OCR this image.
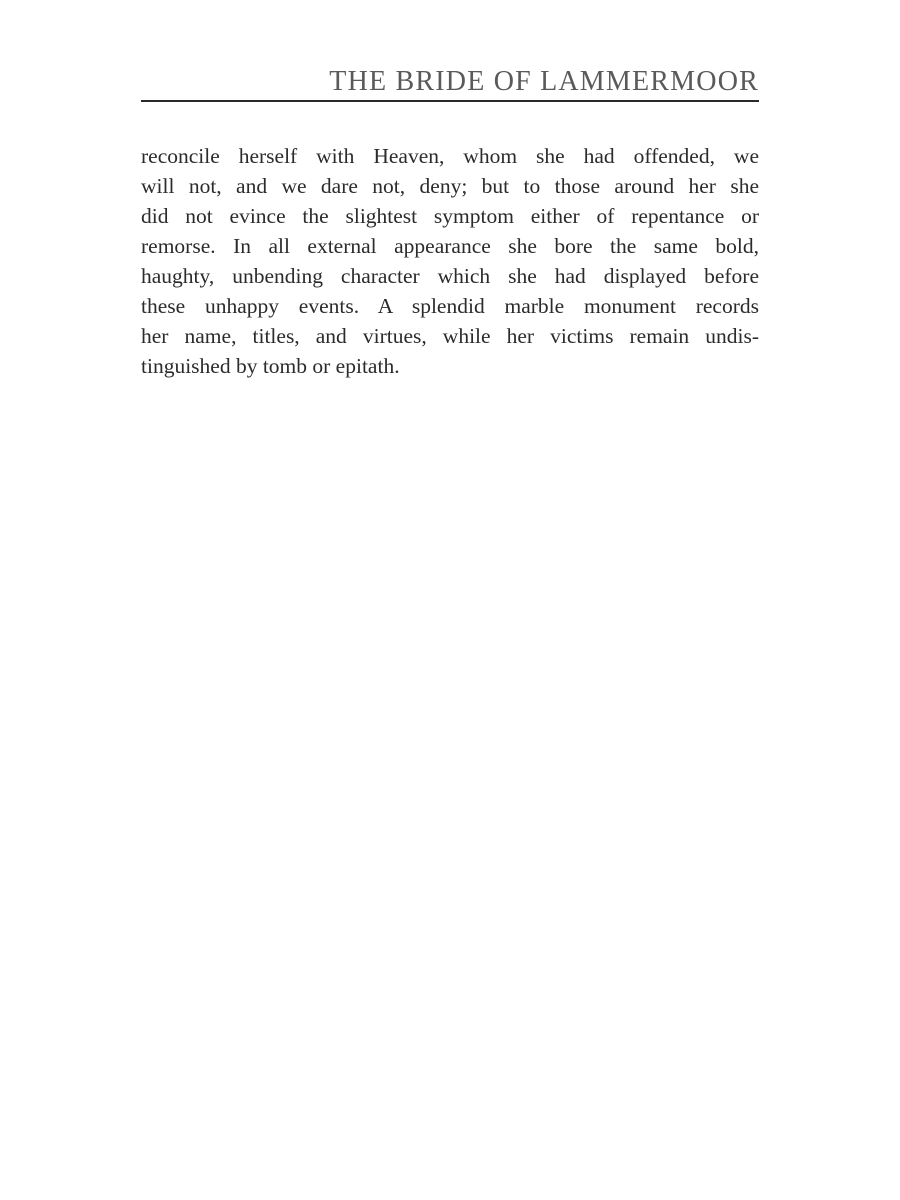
THE BRIDE OF LAMMERMOOR
reconcile herself with Heaven, whom she had offended, we
will not, and we dare not, deny; but to those around her she
did not evince the slightest symptom either of repentance or
remorse. In all external appearance she bore the same bold,
haughty, unbending character which she had displayed before
these unhappy events. A splendid marble monument records
her name, titles, and virtues, while her victims remain undis-
tinguished by tomb or epitath.
